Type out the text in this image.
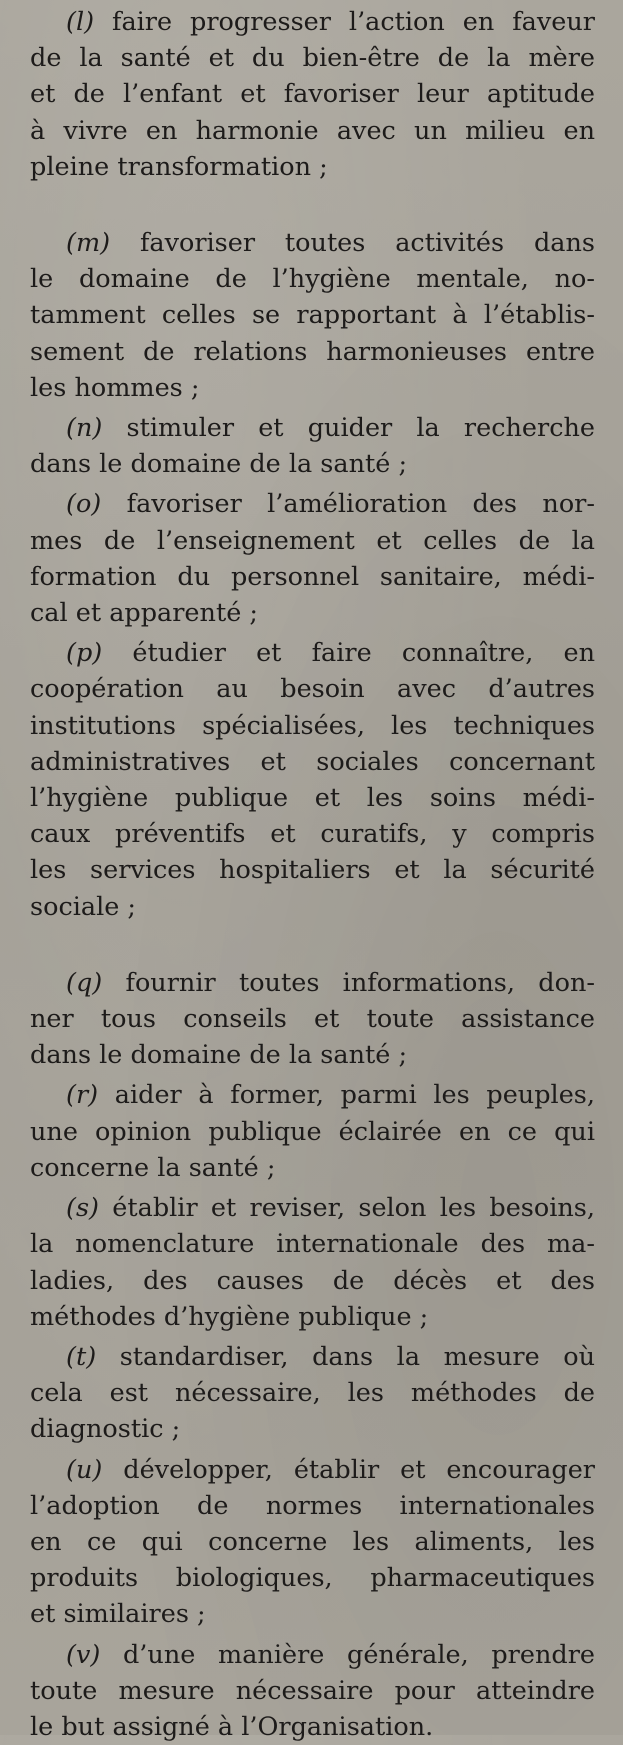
(l) faire progresser l’action en faveur
de la santé et du bien-être de la mère
et de l’enfant et favoriser leur aptitude
à vivre en harmonie avec un milieu en
pleine transformation ;

(m) favoriser toutes activités dans
le domaine de l’hygiène mentale, no-
tamment celles se rapportant à l’établis-
sement de relations harmonieuses entre
les hommes ;

(n) stimuler et guider la recherche
dans le domaine de la santé ;

(o) favoriser l’amélioration des nor-
mes de l’enseignement et celles de la
formation du personnel sanitaire, médi-
cal et apparenté ;

(p) étudier et faire connaître, en
coopération au besoin avec d’autres
institutions spécialisées, les techniques
administratives et sociales concernant
l’hygiène publique et les soins médi-
caux préventifs et curatifs, y compris
les services hospitaliers et la sécurité
sociale ;

(q) fournir toutes informations, don-
ner tous conseils et toute assistance
dans le domaine de la santé ;

(r) aider à former, parmi les peuples,
une opinion publique éclairée en ce qui
concerne la santé ;

(s) établir et reviser, selon les besoins,
la nomenclature internationale des ma-
ladies, des causes de décès et des
méthodes d’hygiène publique ;

(t) standardiser, dans la mesure où
cela est nécessaire, les méthodes de
diagnostic ;

(u) développer, établir et encourager
l’adoption de normes internationales
en ce qui concerne les aliments, les
produits biologiques, pharmaceutiques
et similaires ;

(v) d’une manière générale, prendre
toute mesure nécessaire pour atteindre
le but assigné à l’Organisation.
